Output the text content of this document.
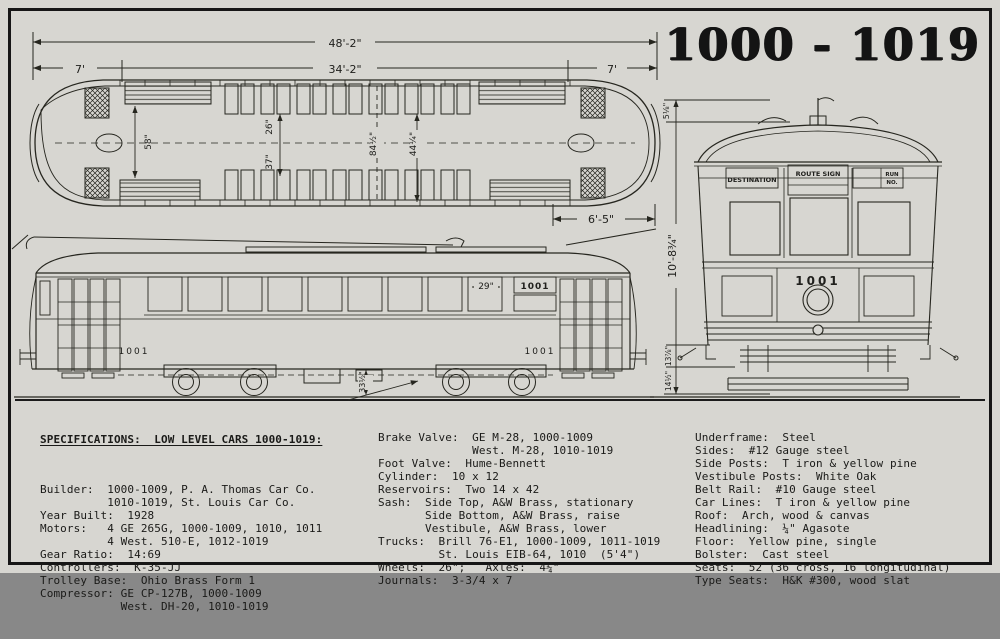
48'-2"
7'	34'-2"	7'
58"
26"
37"
84½"	44¼"
6'-5"
1000 - 1019
1001
29"
1001	1001
33½"
5⅛"
10'-8¾"
13⅞"
14½"
DESTINATION
ROUTE SIGN	RUN
NO.
1001

SPECIFICATIONS:  LOW LEVEL CARS 1000-1019:

Builder:  1000-1009, P. A. Thomas Car Co.
1010-1019, St. Louis Car Co.
Year Built:  1928
Motors:   4 GE 265G, 1000-1009, 1010, 1011
4 West. 510-E, 1012-1019
Gear Ratio:  14:69
Controllers:  K-35-JJ
Trolley Base:  Ohio Brass Form 1
Compressor: GE CP-127B, 1000-1009
West. DH-20, 1010-1019

Brake Valve:  GE M-28, 1000-1009
West. M-28, 1010-1019
Foot Valve:  Hume-Bennett
Cylinder:  10 x 12
Reservoirs:  Two 14 x 42
Sash:  Side Top, A&W Brass, stationary
Side Bottom, A&W Brass, raise
Vestibule, A&W Brass, lower
Trucks:  Brill 76-E1, 1000-1009, 1011-1019
St. Louis EIB-64, 1010  (5'4")
Wheels:  26";   Axles:  4¼"
Journals:  3-3/4 x 7

Underframe:  Steel
Sides:  #12 Gauge steel
Side Posts:  T iron & yellow pine
Vestibule Posts:  White Oak
Belt Rail:  #10 Gauge steel
Car Lines:  T iron & yellow pine
Roof:  Arch, wood & canvas
Headlining:  ¼" Agasote
Floor:  Yellow pine, single
Bolster:  Cast steel
Seats:  52 (36 cross, 16 longitudinal)
Type Seats:  H&K #300, wood slat
